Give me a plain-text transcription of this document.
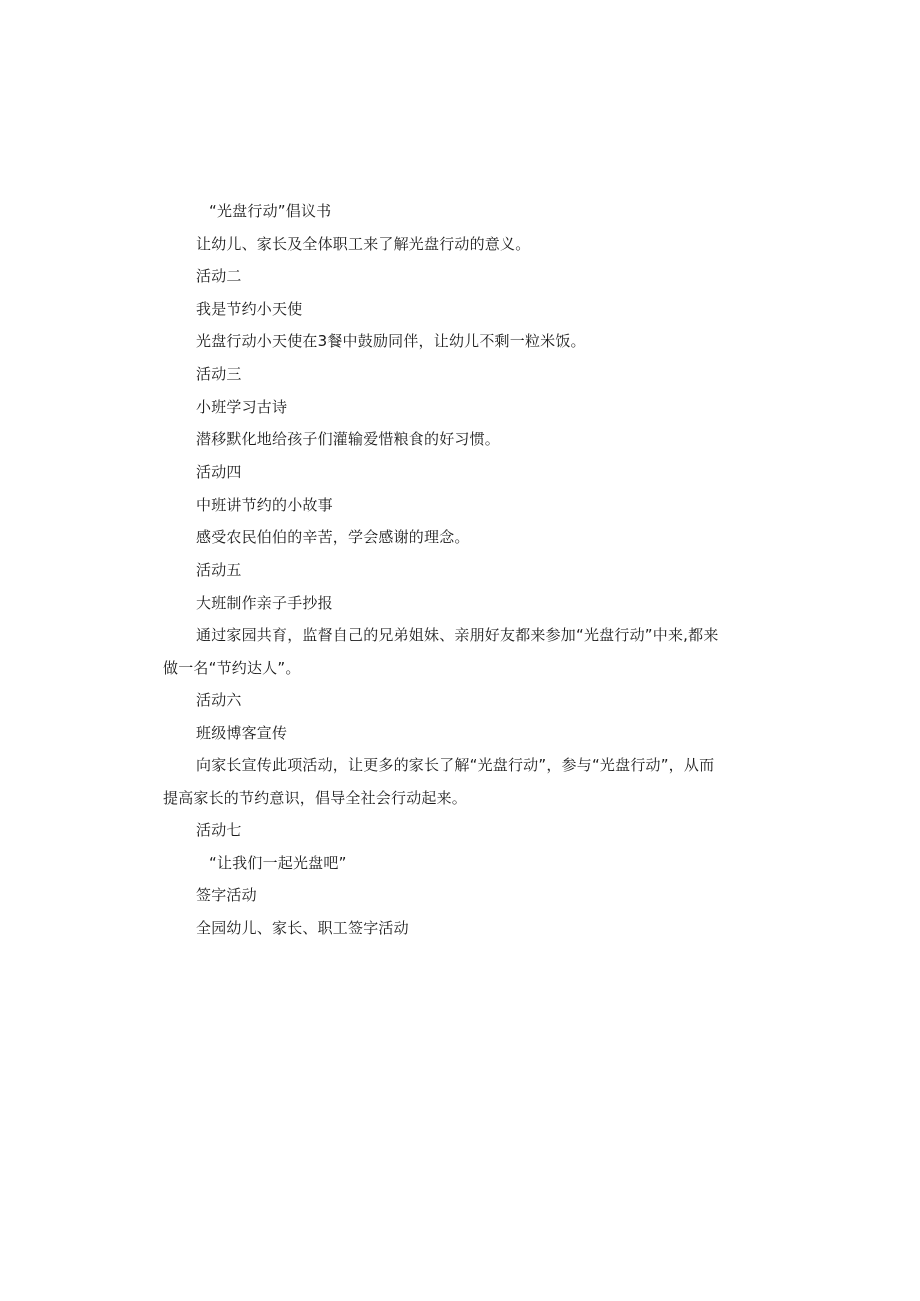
“光盘行动”倡议书
让幼儿、家长及全体职工来了解光盘行动的意义。
活动二
我是节约小天使
光盘行动小天使在3餐中鼓励同伴，让幼儿不剩一粒米饭。
活动三
小班学习古诗
潜移默化地给孩子们灌输爱惜粮食的好习惯。
活动四
中班讲节约的小故事
感受农民伯伯的辛苦，学会感谢的理念。
活动五
大班制作亲子手抄报
通过家园共育，监督自己的兄弟姐妹、亲朋好友都来参加“光盘行动”中来,都来
做一名“节约达人”。
活动六
班级博客宣传
向家长宣传此项活动，让更多的家长了解“光盘行动”，参与“光盘行动”，从而
提高家长的节约意识，倡导全社会行动起来。
活动七
“让我们一起光盘吧”
签字活动
全园幼儿、家长、职工签字活动
